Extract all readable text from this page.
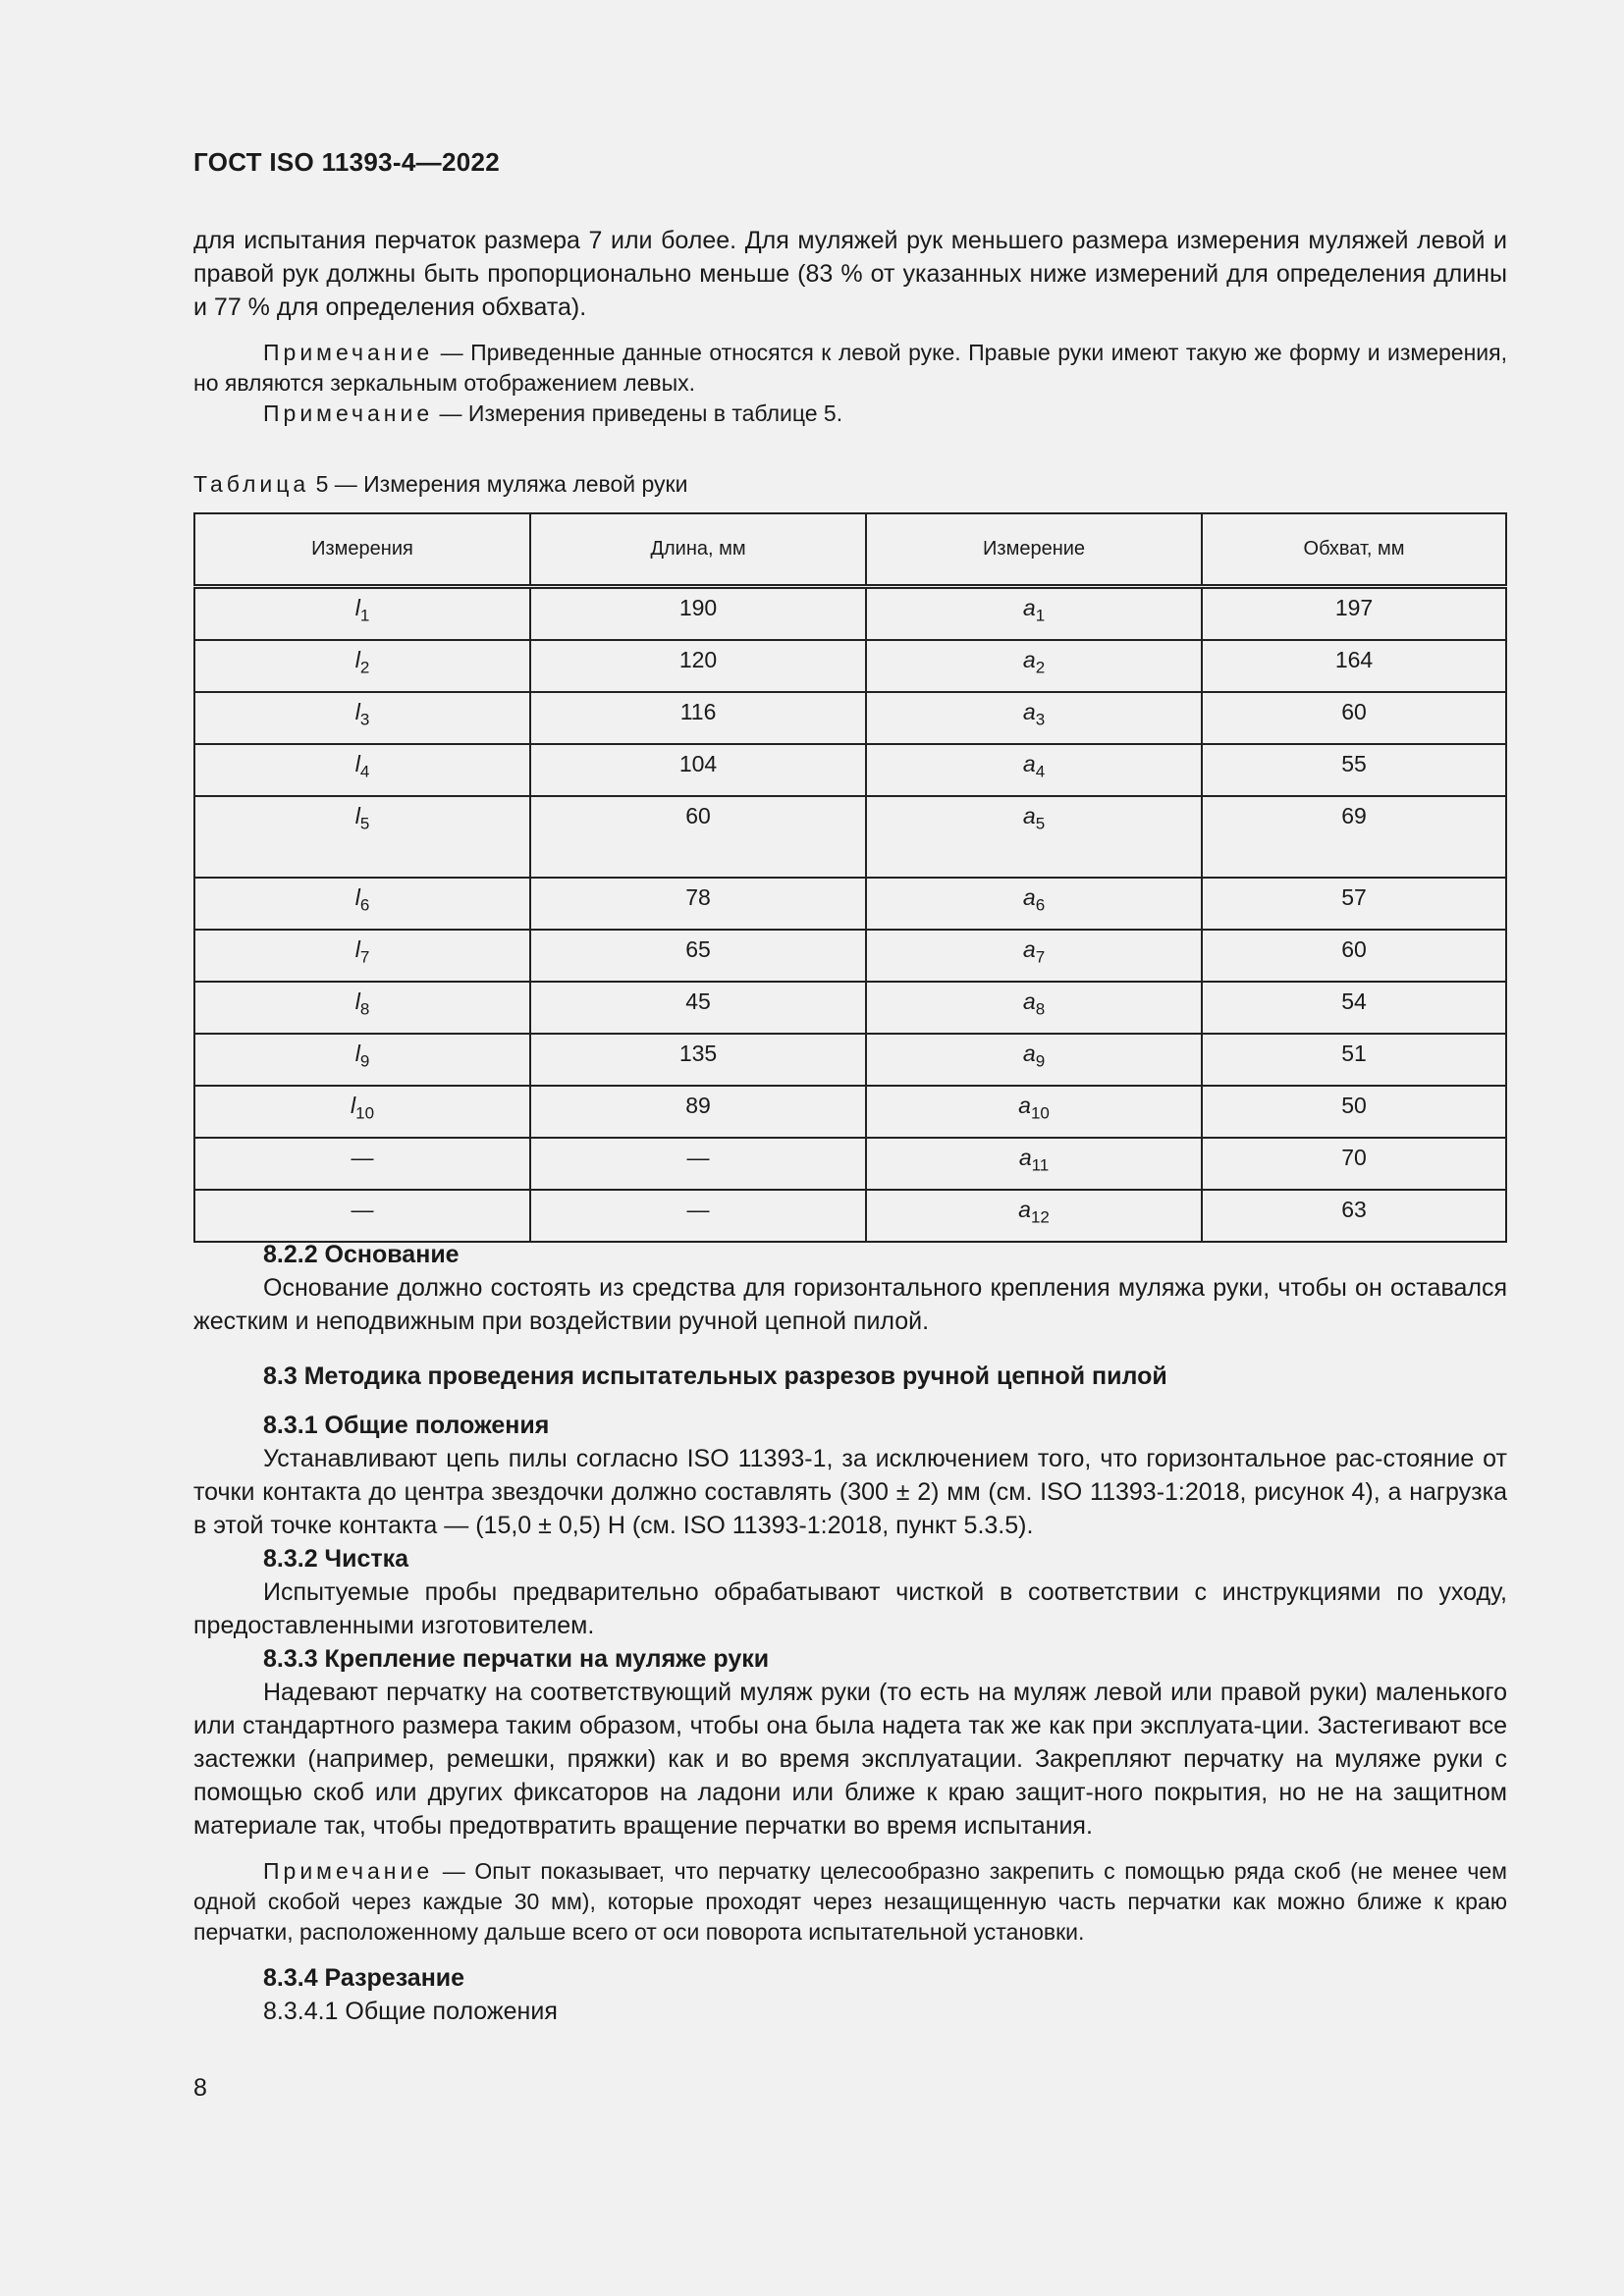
ГОСТ ISO 11393-4—2022

для испытания перчаток размера 7 или более. Для муляжей рук меньшего размера измерения муляжей левой и правой рук должны быть пропорционально меньше (83 % от указанных ниже измерений для определения длины и 77 % для определения обхвата).

Примечание — Приведенные данные относятся к левой руке. Правые руки имеют такую же форму и измерения, но являются зеркальным отображением левых.

Примечание — Измерения приведены в таблице 5.

Таблица 5 — Измерения муляжа левой руки
Измерения	Длина, мм	Измерение	Обхват, мм
$l_1$	190	$a_1$	197
$l_2$	120	$a_2$	164
$l_3$	116	$a_3$	60
$l_4$	104	$a_4$	55
$l_5$	60	$a_5$	69
$l_6$	78	$a_6$	57
$l_7$	65	$a_7$	60
$l_8$	45	$a_8$	54
$l_9$	135	$a_9$	51
$l_{10}$	89	$a_{10}$	50
—	—	$a_{11}$	70
—	—	$a_{12}$	63
8.2.2 Основание

Основание должно состоять из средства для горизонтального крепления муляжа руки, чтобы он оставался жестким и неподвижным при воздействии ручной цепной пилой.

8.3 Методика проведения испытательных разрезов ручной цепной пилой
8.3.1 Общие положения

Устанавливают цепь пилы согласно ISO 11393-1, за исключением того, что горизонтальное рас-стояние от точки контакта до центра звездочки должно составлять (300 ± 2) мм (см. ISO 11393-1:2018, рисунок 4), а нагрузка в этой точке контакта — (15,0 ± 0,5) Н (см. ISO 11393-1:2018, пункт 5.3.5).

8.3.2 Чистка

Испытуемые пробы предварительно обрабатывают чисткой в соответствии с инструкциями по уходу, предоставленными изготовителем.

8.3.3 Крепление перчатки на муляже руки

Надевают перчатку на соответствующий муляж руки (то есть на муляж левой или правой руки) маленького или стандартного размера таким образом, чтобы она была надета так же как при эксплуата-ции. Застегивают все застежки (например, ремешки, пряжки) как и во время эксплуатации. Закрепляют перчатку на муляже руки с помощью скоб или других фиксаторов на ладони или ближе к краю защит-ного покрытия, но не на защитном материале так, чтобы предотвратить вращение перчатки во время испытания.

Примечание — Опыт показывает, что перчатку целесообразно закрепить с помощью ряда скоб (не менее чем одной скобой через каждые 30 мм), которые проходят через незащищенную часть перчатки как можно ближе к краю перчатки, расположенному дальше всего от оси поворота испытательной установки.

8.3.4 Разрезание
8.3.4.1 Общие положения
8
